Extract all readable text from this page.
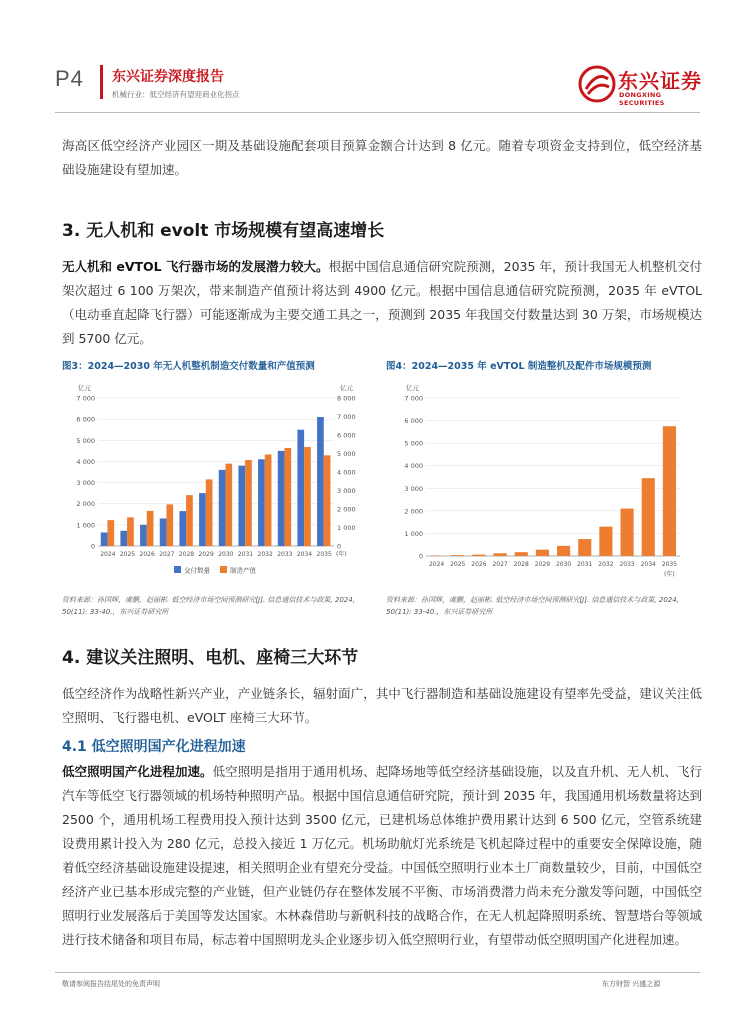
P4 东兴证券深度报告
机械行业：低空经济有望迎商业化拐点
东兴证券
DONGXING SECURITIES

海高区低空经济产业园区一期及基础设施配套项目预算金额合计达到 8 亿元。随着专项资金支持到位，低空经济基础设施建设有望加速。

3. 无人机和 evolt 市场规模有望高速增长

无人机和 eVTOL 飞行器市场的发展潜力较大。根据中国信息通信研究院预测，2035 年，预计我国无人机整机交付架次超过 6 100 万架次，带来制造产值预计将达到 4900 亿元。根据中国信息通信研究院预测，2035 年 eVTOL（电动垂直起降飞行器）可能逐渐成为主要交通工具之一，预测到 2035 年我国交付数量达到 30 万架，市场规模达到 5700 亿元。

图3：2024—2030 年无人机整机制造交付数量和产值预测
亿元	亿元
0
1 000
2 000
3 000
4 000
5 000
6 000
7 000
0
1 000
2 000
3 000
4 000
5 000
6 000
7 000
8 000
2024 2025 2026 2027 2028 2029 2030 2031 2032 2033 2034 2035 (年)
交付数量	制造产值
资料来源：孙国辉，虞鹏，赵丽彬. 低空经济市场空间预测研究[J]. 信息通信技术与政策, 2024, 50(11): 33-40.，东兴证券研究所
图4：2024—2035 年 eVTOL 制造整机及配件市场规模预测
亿元
0
1 000
2 000
3 000
4 000
5 000
6 000
7 000
2024 2025 2026 2027 2028 2029 2030 2031 2032 2033 2034 2035
(年)
资料来源：孙国辉，虞鹏，赵丽彬. 低空经济市场空间预测研究[J]. 信息通信技术与政策, 2024, 50(11): 33-40.，东兴证券研究所
4. 建议关注照明、电机、座椅三大环节

低空经济作为战略性新兴产业，产业链条长，辐射面广，其中飞行器制造和基础设施建设有望率先受益，建议关注低空照明、飞行器电机、eVOLT 座椅三大环节。

4.1 低空照明国产化进程加速

低空照明国产化进程加速。低空照明是指用于通用机场、起降场地等低空经济基础设施，以及直升机、无人机、飞行汽车等低空飞行器领域的机场特种照明产品。根据中国信息通信研究院，预计到 2035 年，我国通用机场数量将达到 2500 个，通用机场工程费用投入预计达到 3500 亿元，已建机场总体维护费用累计达到 6 500 亿元，空管系统建设费用累计投入为 280 亿元，总投入接近 1 万亿元。机场助航灯光系统是飞机起降过程中的重要安全保障设施，随着低空经济基础设施建设提速，相关照明企业有望充分受益。中国低空照明行业本土厂商数量较少，目前，中国低空经济产业已基本形成完整的产业链，但产业链仍存在整体发展不平衡、市场消费潜力尚未充分激发等问题，中国低空照明行业发展落后于美国等发达国家。木林森借助与新帆科技的战略合作，在无人机起降照明系统、智慧塔台等领域进行技术储备和项目布局，标志着中国照明龙头企业逐步切入低空照明行业，有望带动低空照明国产化进程加速。

敬请参阅报告结尾处的免责声明	东方财智 兴盛之源
